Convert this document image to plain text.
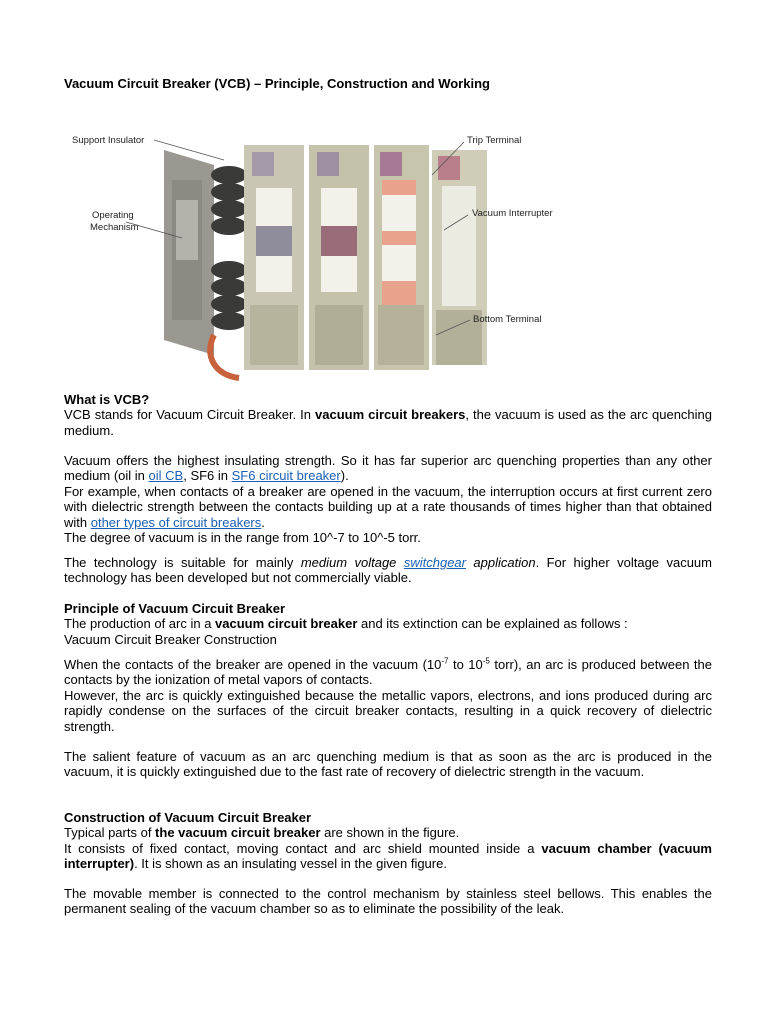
Vacuum Circuit Breaker (VCB) – Principle, Construction and Working
Support Insulator	Trip Terminal
Operating
Mechanism
Vacuum Interrupter
Bottom Terminal
What is VCB?
VCB stands for Vacuum Circuit Breaker. In vacuum circuit breakers, the vacuum is used as the arc quenching medium.
Vacuum offers the highest insulating strength. So it has far superior arc quenching properties than any other medium (oil in oil CB, SF6 in SF6 circuit breaker).
For example, when contacts of a breaker are opened in the vacuum, the interruption occurs at first current zero with dielectric strength between the contacts building up at a rate thousands of times higher than that obtained with other types of circuit breakers.
The degree of vacuum is in the range from 10^-7 to 10^-5 torr.
The technology is suitable for mainly medium voltage switchgear application. For higher voltage vacuum technology has been developed but not commercially viable.
Principle of Vacuum Circuit Breaker
The production of arc in a vacuum circuit breaker and its extinction can be explained as follows :
Vacuum Circuit Breaker Construction
When the contacts of the breaker are opened in the vacuum ($10^{-7}$ to $10^{-5}$ torr), an arc is produced between the contacts by the ionization of metal vapors of contacts.
However, the arc is quickly extinguished because the metallic vapors, electrons, and ions produced during arc rapidly condense on the surfaces of the circuit breaker contacts, resulting in a quick recovery of dielectric strength.
The salient feature of vacuum as an arc quenching medium is that as soon as the arc is produced in the vacuum, it is quickly extinguished due to the fast rate of recovery of dielectric strength in the vacuum.
Construction of Vacuum Circuit Breaker
Typical parts of the vacuum circuit breaker are shown in the figure.
It consists of fixed contact, moving contact and arc shield mounted inside a vacuum chamber (vacuum interrupter). It is shown as an insulating vessel in the given figure.
The movable member is connected to the control mechanism by stainless steel bellows. This enables the permanent sealing of the vacuum chamber so as to eliminate the possibility of the leak.
